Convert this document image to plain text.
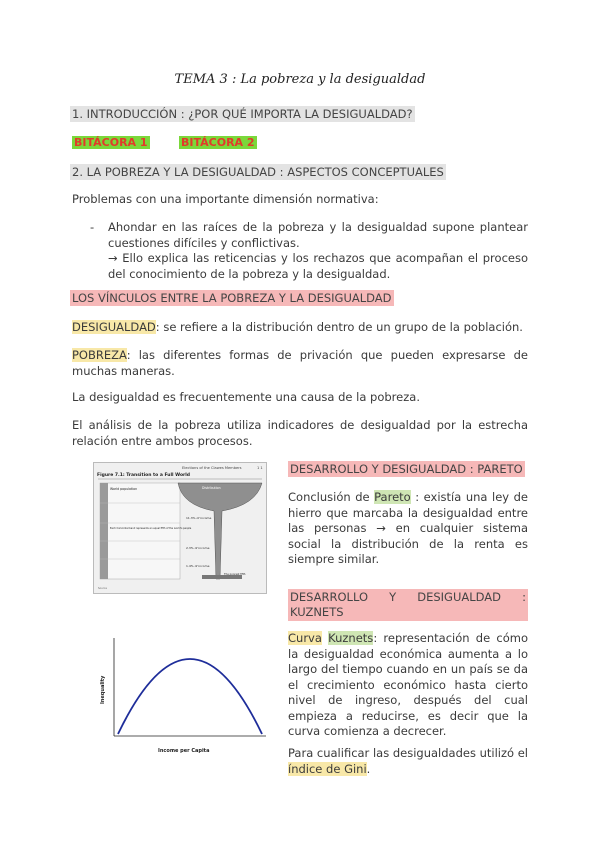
TEMA 3 : La pobreza y la desigualdad
1. INTRODUCCIÓN : ¿POR QUÉ IMPORTA LA DESIGUALDAD?
BITÁCORA 1	BITÁCORA 2
2. LA POBREZA Y LA DESIGUALDAD : ASPECTOS CONCEPTUALES
Problemas con una importante dimensión normativa:
-	Ahondar en las raíces de la pobreza y la desigualdad supone plantear cuestiones difíciles y conflictivas.
→ Ello explica las reticencias y los rechazos que acompañan el proceso del conocimiento de la pobreza y la desigualdad.
LOS VÍNCULOS ENTRE LA POBREZA Y LA DESIGUALDAD
DESIGUALDAD: se refiere a la distribución dentro de un grupo de la población.
POBREZA: las diferentes formas de privación que pueden expresarse de muchas maneras.
La desigualdad es frecuentemente una causa de la pobreza.
El análisis de la pobreza utiliza indicadores de desigualdad por la estrecha relación entre ambos procesos.
Figure 7.1: Transition to a Full World
Elections of the Clawes Members	1 1
World population	Distribution
Each horizontal band represents an equal fifth of the world's people
11.3% of income
2.3% of income
1.4% of income
The poorest fifth
Source
DESARROLLO Y DESIGUALDAD : PARETO
Conclusión de Pareto : existía una ley de hierro que marcaba la desigualdad entre las personas → en cualquier sistema social la distribución de la renta es siempre similar.
DESARROLLO Y DESIGUALDAD : KUZNETS
Curva Kuznets: representación de cómo la desigualdad económica aumenta a lo largo del tiempo cuando en un país se da el crecimiento económico hasta cierto nivel de ingreso, después del cual empieza a reducirse, es decir que la curva comienza a decrecer.
Para cualificar las desigualdades utilizó el índice de Gini.
Inequality
Income per Capita
